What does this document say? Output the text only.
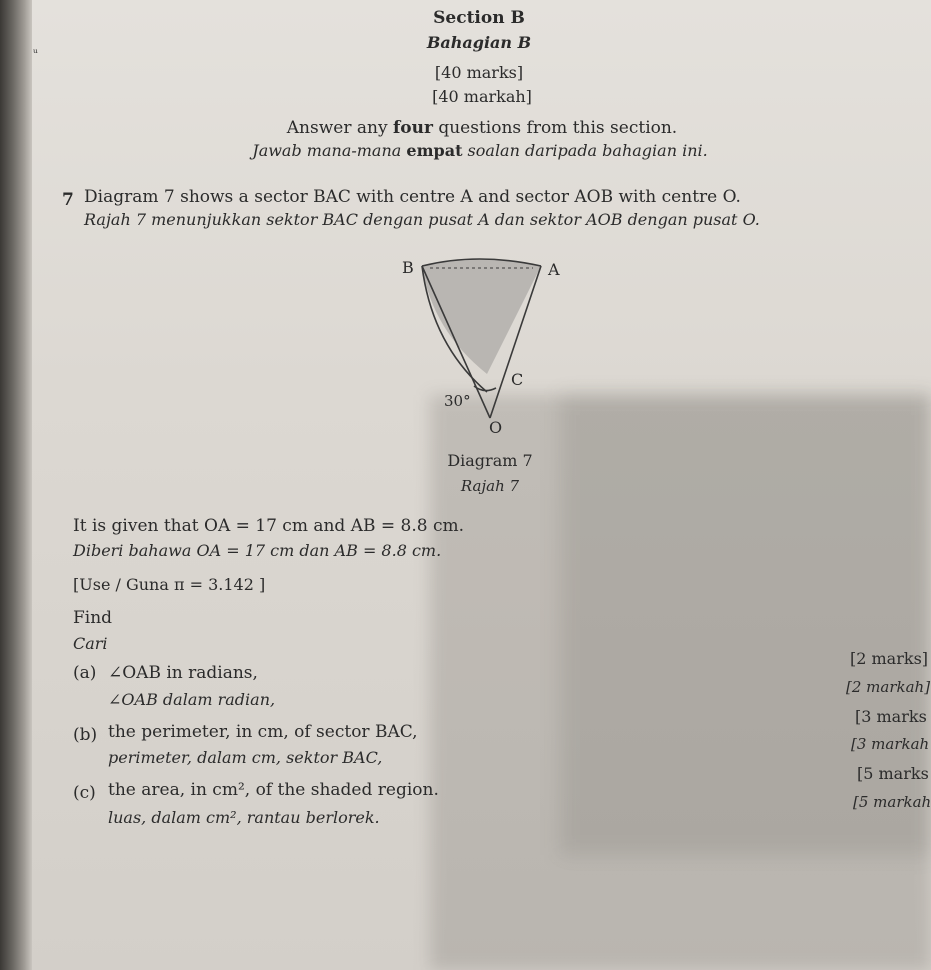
ᵘ
Section B
Bahagian B
[40 marks]
[40 markah]
Answer any four questions from this section.
Jawab mana-mana empat soalan daripada bahagian ini.
7 Diagram 7 shows a sector BAC with centre A and sector AOB with centre O.
Rajah 7 menunjukkan sektor BAC dengan pusat A dan sektor AOB dengan pusat O.
B	A
C
O
30°
Diagram 7
Rajah 7
It is given that OA = 17 cm and AB = 8.8 cm.
Diberi bahawa OA = 17 cm dan AB = 8.8 cm.
[Use / Guna π = 3.142 ]
Find
Cari
(a) ∠OAB in radians,
∠OAB dalam radian,
[2 marks]
[2 markah]
(b) the perimeter, in cm, of sector BAC,
perimeter, dalam cm, sektor BAC,
[3 marks
[3 markah
(c) the area, in cm², of the shaded region.
luas, dalam cm², rantau berlorek.
[5 marks
[5 markah
